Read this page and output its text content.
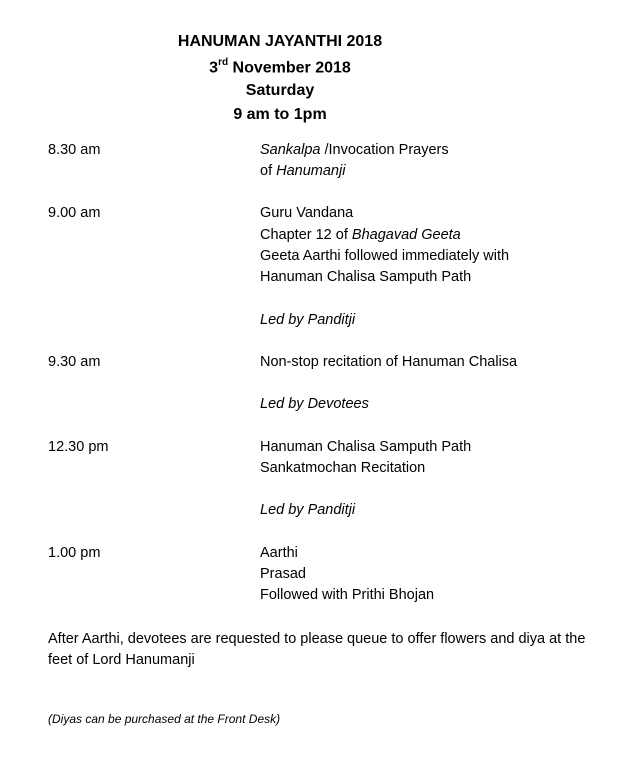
HANUMAN JAYANTHI 2018
3rd November 2018
Saturday
9 am to 1pm
8.30 am	Sankalpa /Invocation Prayers
of Hanumanji
9.00 am	Guru Vandana
Chapter 12 of Bhagavad Geeta
Geeta Aarthi followed immediately with
Hanuman Chalisa Samputh Path
Led by Panditji
9.30 am	Non-stop recitation of Hanuman Chalisa
Led by Devotees
12.30 pm	Hanuman Chalisa Samputh Path
Sankatmochan Recitation
Led by Panditji
1.00 pm	Aarthi
Prasad
Followed with Prithi Bhojan
After Aarthi, devotees are requested to please queue to offer flowers and diya at the feet of Lord Hanumanji
(Diyas can be purchased at the Front Desk)
